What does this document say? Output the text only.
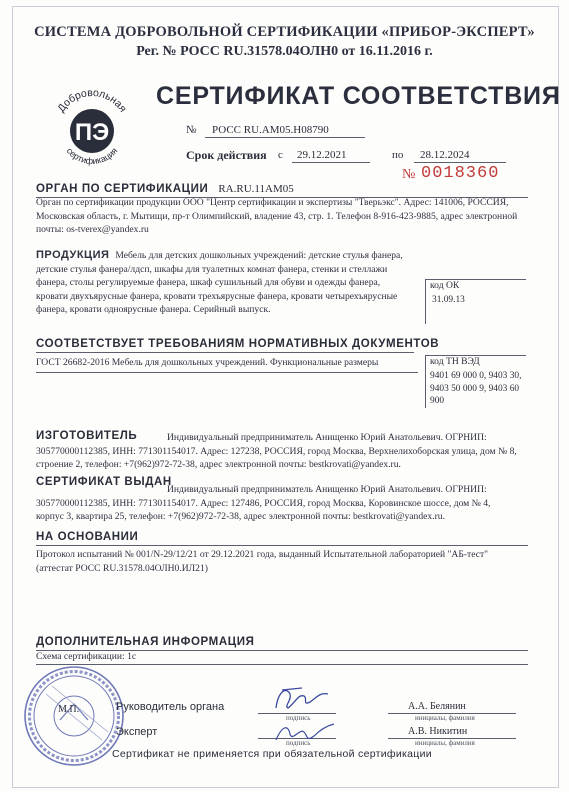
СИСТЕМА ДОБРОВОЛЬНОЙ СЕРТИФИКАЦИИ «ПРИБОР-ЭКСПЕРТ»
Рег. № РОСС RU.31578.04ОЛН0 от 16.11.2016 г.
ПЭ
Добровольная
сертификация
СЕРТИФИКАТ СООТВЕТСТВИЯ
№ РОСС RU.АМ05.Н08790
Срок действия с 29.12.2021	по 28.12.2024
№ 0018360
ОРГАН ПО СЕРТИФИКАЦИИ RA.RU.11АМ05
Орган по сертификации продукции ООО "Центр сертификации и экспертизы "Тверьэкс". Адрес: 141006, РОССИЯ,
Московская область, г. Мытищи, пр-т Олимпийский, владение 43, стр. 1. Телефон 8-916-423-9885, адрес электронной
почты: os-tverex@yandex.ru
ПРОДУКЦИЯ Мебель для детских дошкольных учреждений: детские стулья фанера,
детские стулья фанера/лдсп, шкафы для туалетных комнат фанера, стенки и стеллажи
фанера, столы регулируемые фанера, шкаф сушильный для обуви и одежды фанера,
кровати двухъярусные фанера, кровати трехъярусные фанера, кровати четырехъярусные
фанера, кровати одноярусные фанера. Серийный выпуск.
код ОК
31.09.13
СООТВЕТСТВУЕТ ТРЕБОВАНИЯМ НОРМАТИВНЫХ ДОКУМЕНТОВ
ГОСТ 26682-2016 Мебель для дошкольных учреждений. Функциональные размеры	код ТН ВЭД
9401 69 000 0, 9403 30,
9403 50 000 9, 9403 60
900
ИЗГОТОВИТЕЛЬ	Индивидуальный предприниматель Анищенко Юрий Анатольевич. ОГРНИП:
305770000112385, ИНН: 771301154017. Адрес: 127238, РОССИЯ, город Москва, Верхнелихоборская улица, дом № 8,
строение 2, телефон: +7(962)972-72-38, адрес электронной почты: bestkrovati@yandex.ru.
СЕРТИФИКАТ ВЫДАН
Индивидуальный предприниматель Анищенко Юрий Анатольевич. ОГРНИП:
305770000112385, ИНН: 771301154017. Адрес: 127486, РОССИЯ, город Москва, Коровинское шоссе, дом № 4,
корпус 3, квартира 25, телефон: +7(962)972-72-38, адрес электронной почты: bestkrovati@yandex.ru.
НА ОСНОВАНИИ
Протокол испытаний № 001/N-29/12/21 от 29.12.2021 года, выданный Испытательной лабораторией "АБ-тест"
(аттестат РОСС RU.31578.04ОЛН0.ИЛ21)
ДОПОЛНИТЕЛЬНАЯ ИНФОРМАЦИЯ
Схема сертификации: 1с
М.П.	Руководитель органа
подпись
А.А. Белянин
инициалы, фамилия
Эксперт
подпись
А.В. Никитин
инициалы, фамилия
Сертификат не применяется при обязательной сертификации
